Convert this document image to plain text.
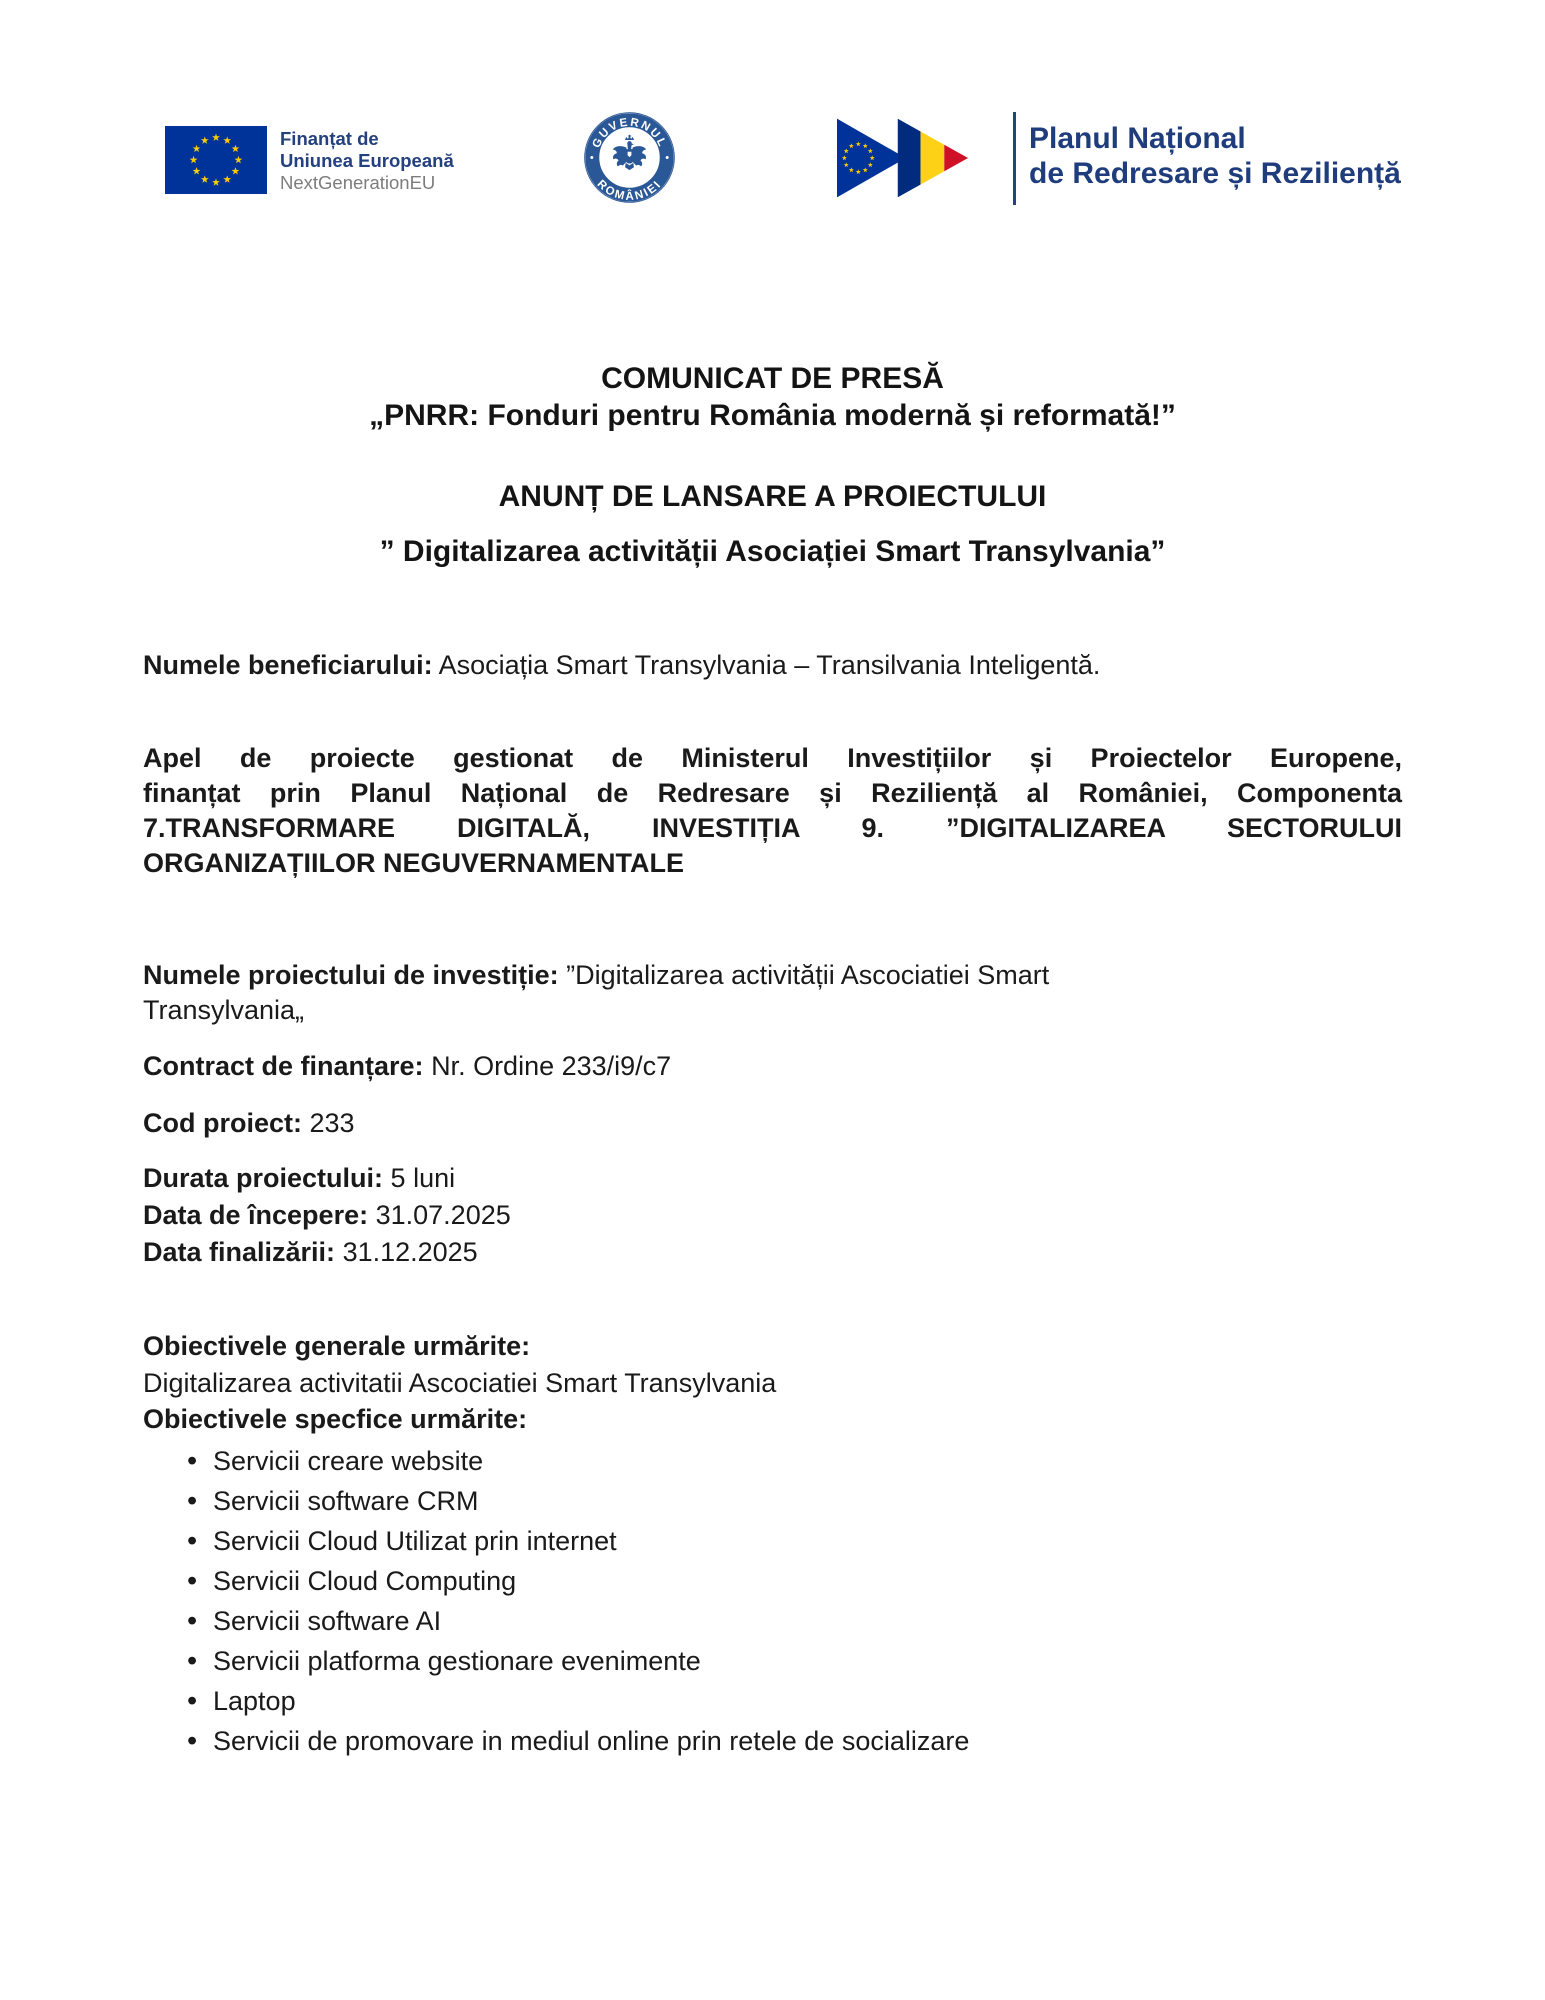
Finanțat de
Uniunea Europeană
NextGenerationEU
GUVERNUL
ROMÂNIEI
Planul Național
de Redresare și Reziliență
COMUNICAT DE PRESĂ
„PNRR: Fonduri pentru România modernă și reformată!”
ANUNȚ DE LANSARE A PROIECTULUI
” Digitalizarea activității Asociației Smart Transylvania”

Numele beneficiarului: Asociația Smart Transylvania – Transilvania Inteligentă.

Apel de proiecte gestionat de Ministerul Investițiilor și Proiectelor Europene,
finanțat prin Planul Național de Redresare și Reziliență al României, Componenta
7.TRANSFORMARE DIGITALĂ, INVESTIȚIA 9. ”DIGITALIZAREA SECTORULUI
ORGANIZAȚIILOR NEGUVERNAMENTALE

Numele proiectului de investiție: ”Digitalizarea activității Ascociatiei Smart
Transylvania„

Contract de finanțare: Nr. Ordine 233/i9/c7

Cod proiect: 233

Durata proiectului: 5 luni
Data de începere: 31.07.2025
Data finalizării: 31.12.2025

Obiectivele generale urmărite:
Digitalizarea activitatii Ascociatiei Smart Transylvania
Obiectivele specfice urmărite:
• Servicii creare website
• Servicii software CRM
• Servicii Cloud Utilizat prin internet
• Servicii Cloud Computing
• Servicii software AI
• Servicii platforma gestionare evenimente
• Laptop
• Servicii de promovare in mediul online prin retele de socializare
